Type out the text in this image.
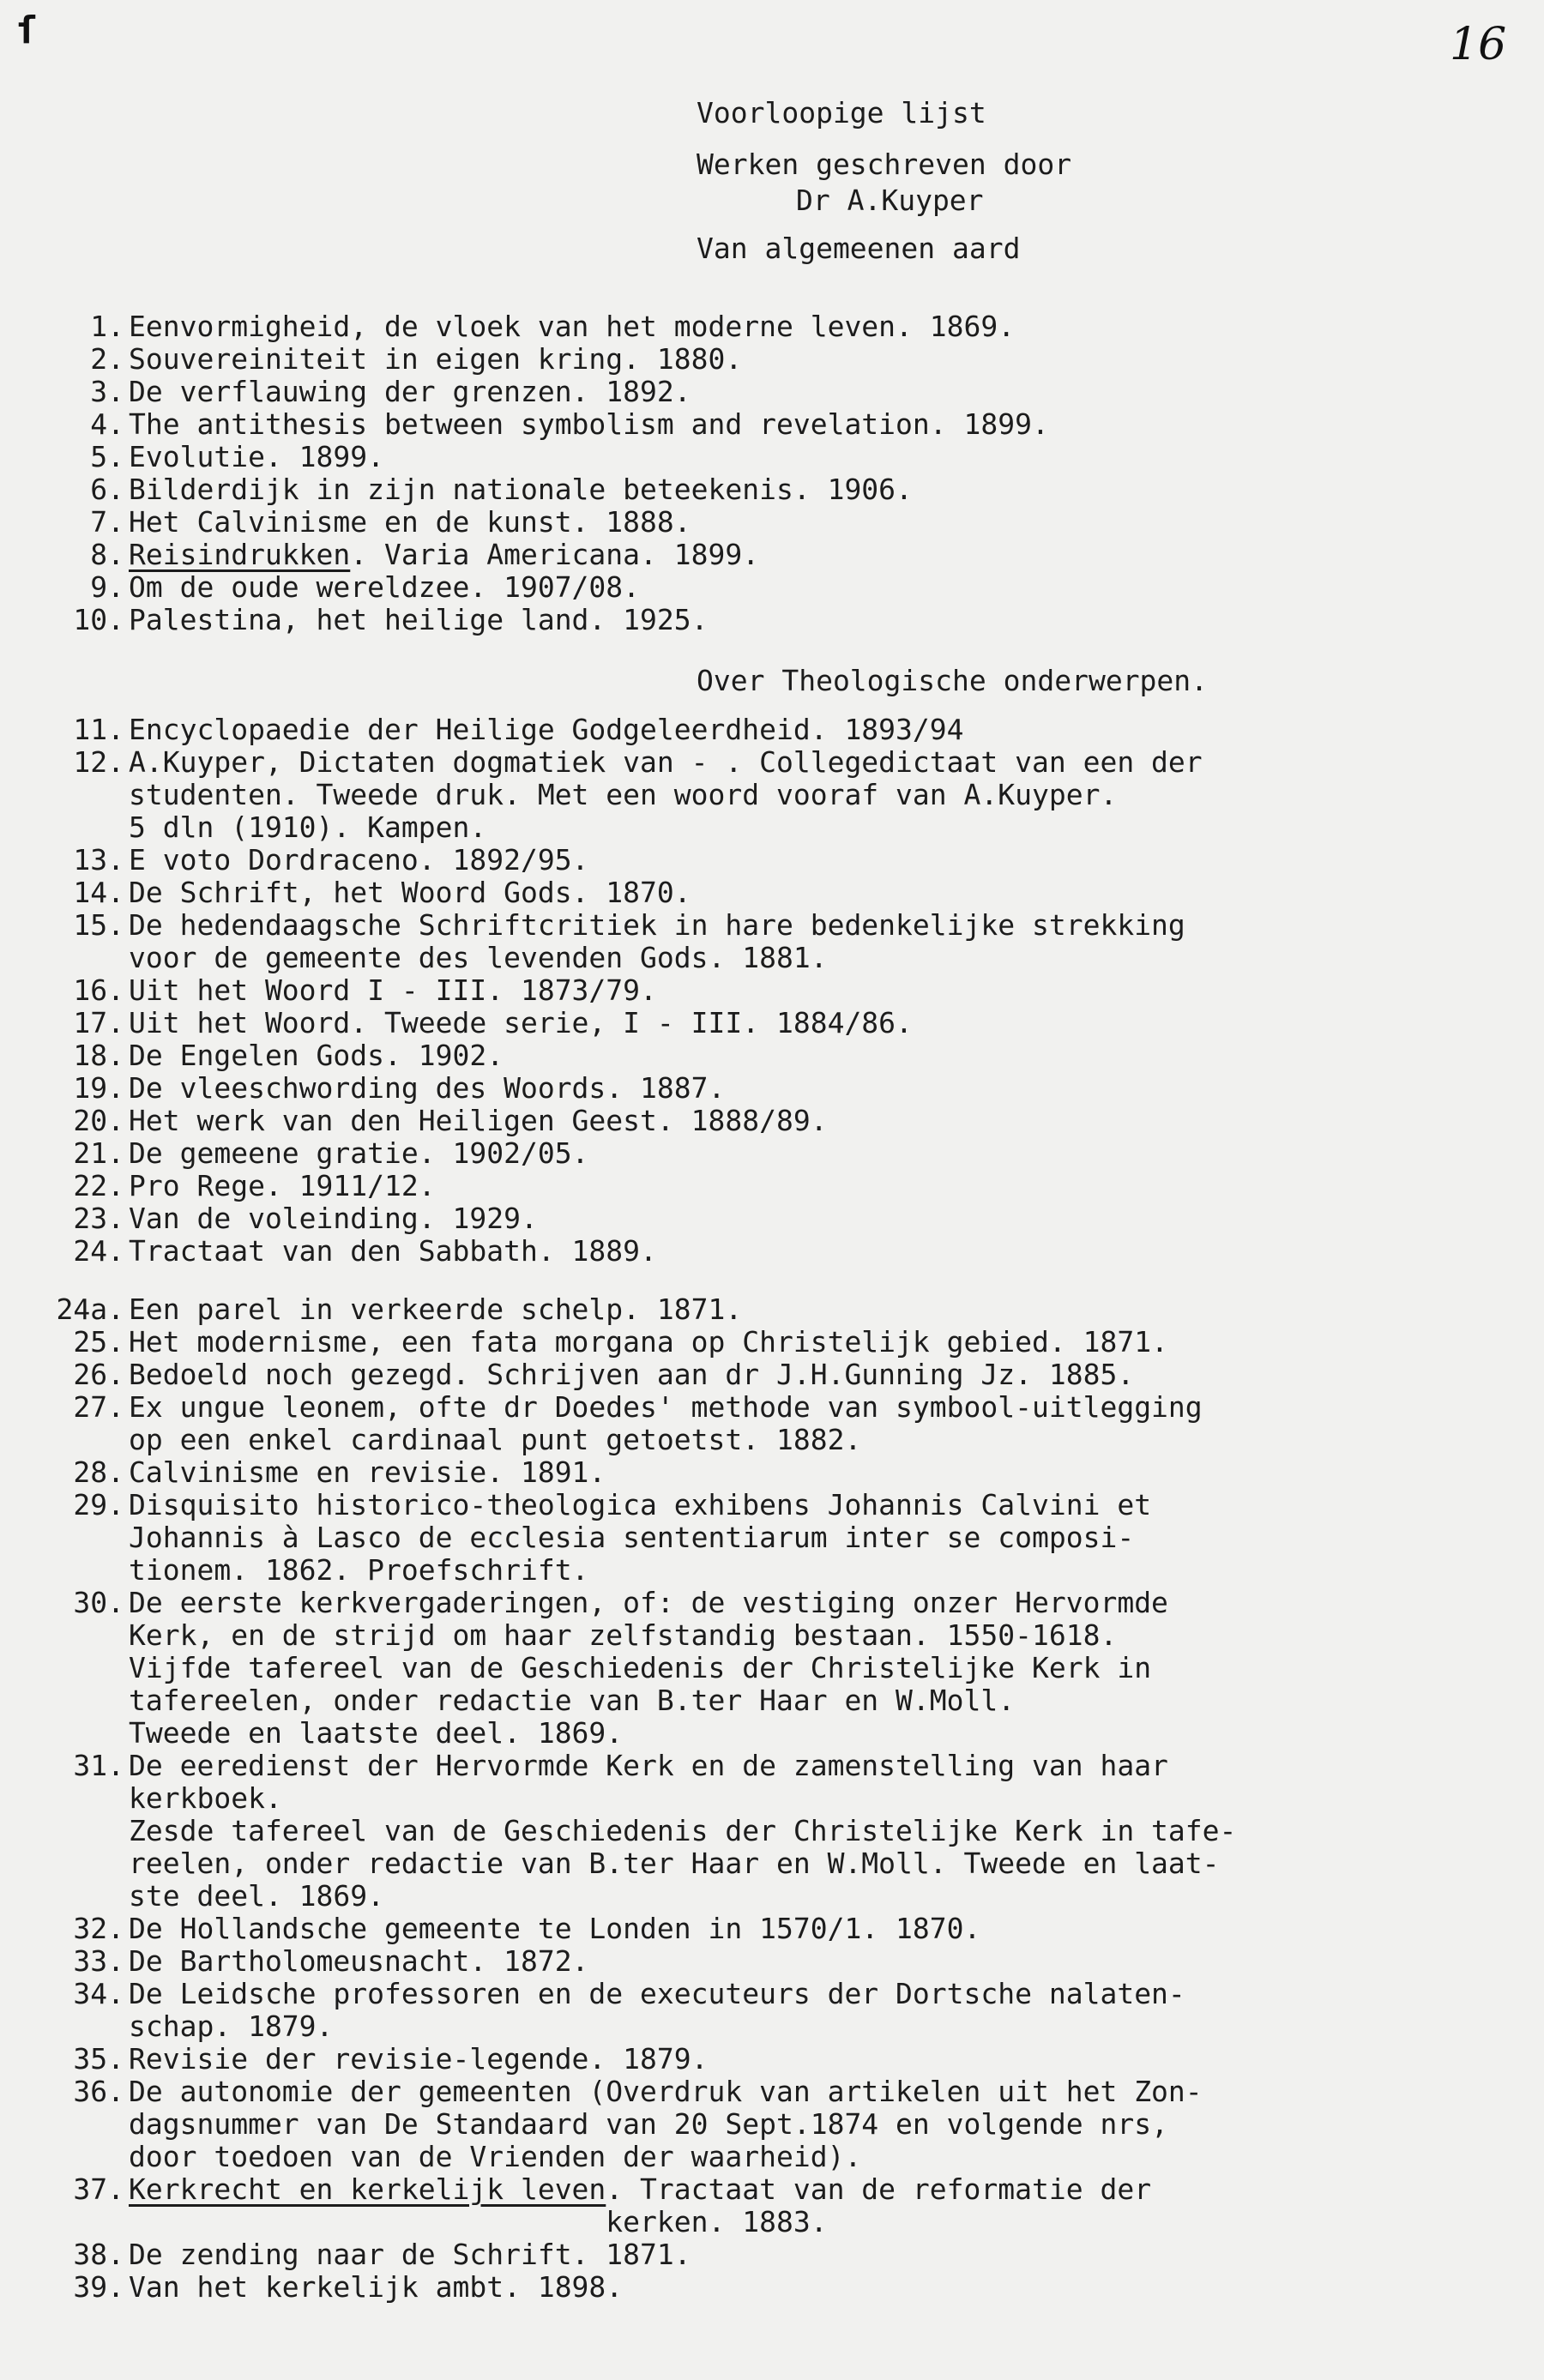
ſ	16
Voorloopige lijst
Werken geschreven door
Dr A.Kuyper
Van algemeenen aard
Over Theologische onderwerpen.
1. Eenvormigheid, de vloek van het moderne leven. 1869.
2. Souvereiniteit in eigen kring. 1880.
3. De verflauwing der grenzen. 1892.
4. The antithesis between symbolism and revelation. 1899.
5. Evolutie. 1899.
6. Bilderdijk in zijn nationale beteekenis. 1906.
7. Het Calvinisme en de kunst. 1888.
8. Reisindrukken. Varia Americana. 1899.
9. Om de oude wereldzee. 1907/08.
10. Palestina, het heilige land. 1925.
11. Encyclopaedie der Heilige Godgeleerdheid. 1893/94
12. A.Kuyper, Dictaten dogmatiek van - . Collegedictaat van een der
studenten. Tweede druk. Met een woord vooraf van A.Kuyper.
5 dln (1910). Kampen.
13. E voto Dordraceno. 1892/95.
14. De Schrift, het Woord Gods. 1870.
15. De hedendaagsche Schriftcritiek in hare bedenkelijke strekking
voor de gemeente des levenden Gods. 1881.
16. Uit het Woord I - III. 1873/79.
17. Uit het Woord. Tweede serie, I - III. 1884/86.
18. De Engelen Gods. 1902.
19. De vleeschwording des Woords. 1887.
20. Het werk van den Heiligen Geest. 1888/89.
21. De gemeene gratie. 1902/05.
22. Pro Rege. 1911/12.
23. Van de voleinding. 1929.
24. Tractaat van den Sabbath. 1889.
24a. Een parel in verkeerde schelp. 1871.
25. Het modernisme, een fata morgana op Christelijk gebied. 1871.
26. Bedoeld noch gezegd. Schrijven aan dr J.H.Gunning Jz. 1885.
27. Ex ungue leonem, ofte dr Doedes' methode van symbool-uitlegging
op een enkel cardinaal punt getoetst. 1882.
28. Calvinisme en revisie. 1891.
29. Disquisito historico-theologica exhibens Johannis Calvini et
Johannis à Lasco de ecclesia sententiarum inter se composi-
tionem. 1862. Proefschrift.
30. De eerste kerkvergaderingen, of: de vestiging onzer Hervormde
Kerk, en de strijd om haar zelfstandig bestaan. 1550-1618.
Vijfde tafereel van de Geschiedenis der Christelijke Kerk in
tafereelen, onder redactie van B.ter Haar en W.Moll.
Tweede en laatste deel. 1869.
31. De eeredienst der Hervormde Kerk en de zamenstelling van haar
kerkboek.
Zesde tafereel van de Geschiedenis der Christelijke Kerk in tafe-
reelen, onder redactie van B.ter Haar en W.Moll. Tweede en laat-
ste deel. 1869.
32. De Hollandsche gemeente te Londen in 1570/1. 1870.
33. De Bartholomeusnacht. 1872.
34. De Leidsche professoren en de executeurs der Dortsche nalaten-
schap. 1879.
35. Revisie der revisie-legende. 1879.
36. De autonomie der gemeenten (Overdruk van artikelen uit het Zon-
dagsnummer van De Standaard van 20 Sept.1874 en volgende nrs,
door toedoen van de Vrienden der waarheid).
37. Kerkrecht en kerkelijk leven. Tractaat van de reformatie der
kerken. 1883.
38. De zending naar de Schrift. 1871.
39. Van het kerkelijk ambt. 1898.
